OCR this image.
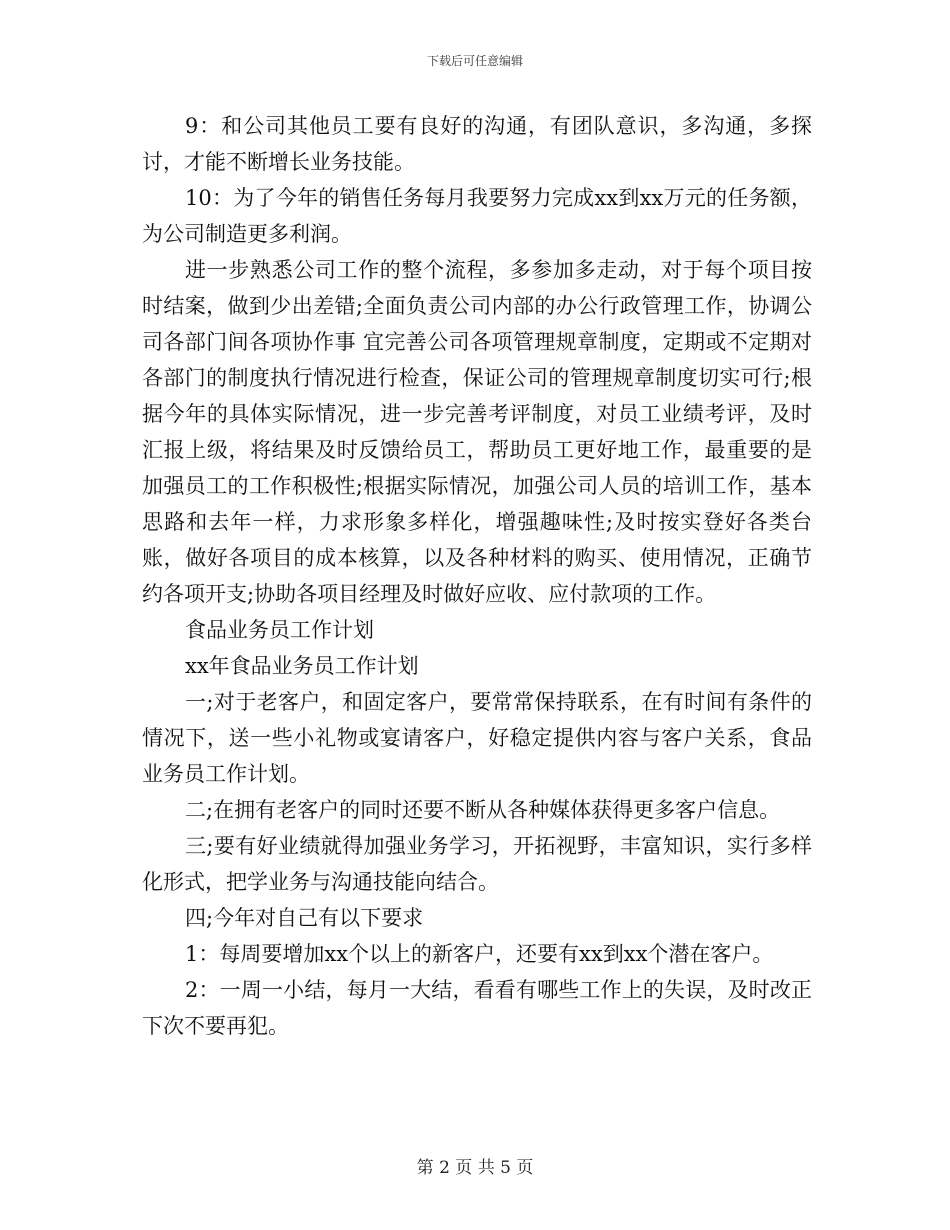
下载后可任意编辑

9：和公司其他员工要有良好的沟通，有团队意识，多沟通，多探讨，才能不断增长业务技能。

10：为了今年的销售任务每月我要努力完成xx到xx万元的任务额，为公司制造更多利润。

进一步熟悉公司工作的整个流程，多参加多走动，对于每个项目按时结案，做到少出差错;全面负责公司内部的办公行政管理工作，协调公司各部门间各项协作事 宜完善公司各项管理规章制度，定期或不定期对各部门的制度执行情况进行检查，保证公司的管理规章制度切实可行;根据今年的具体实际情况，进一步完善考评制度，对员工业绩考评，及时汇报上级，将结果及时反馈给员工，帮助员工更好地工作，最重要的是加强员工的工作积极性;根据实际情况，加强公司人员的培训工作，基本思路和去年一样，力求形象多样化，增强趣味性;及时按实登好各类台账，做好各项目的成本核算，以及各种材料的购买、使用情况，正确节约各项开支;协助各项目经理及时做好应收、应付款项的工作。

食品业务员工作计划

xx年食品业务员工作计划

一;对于老客户，和固定客户，要常常保持联系，在有时间有条件的情况下，送一些小礼物或宴请客户，好稳定提供内容与客户关系，食品业务员工作计划。

二;在拥有老客户的同时还要不断从各种媒体获得更多客户信息。

三;要有好业绩就得加强业务学习，开拓视野，丰富知识，实行多样化形式，把学业务与沟通技能向结合。

四;今年对自己有以下要求

1：每周要增加xx个以上的新客户，还要有xx到xx个潜在客户。

2：一周一小结，每月一大结，看看有哪些工作上的失误，及时改正下次不要再犯。

第 2 页 共 5 页
